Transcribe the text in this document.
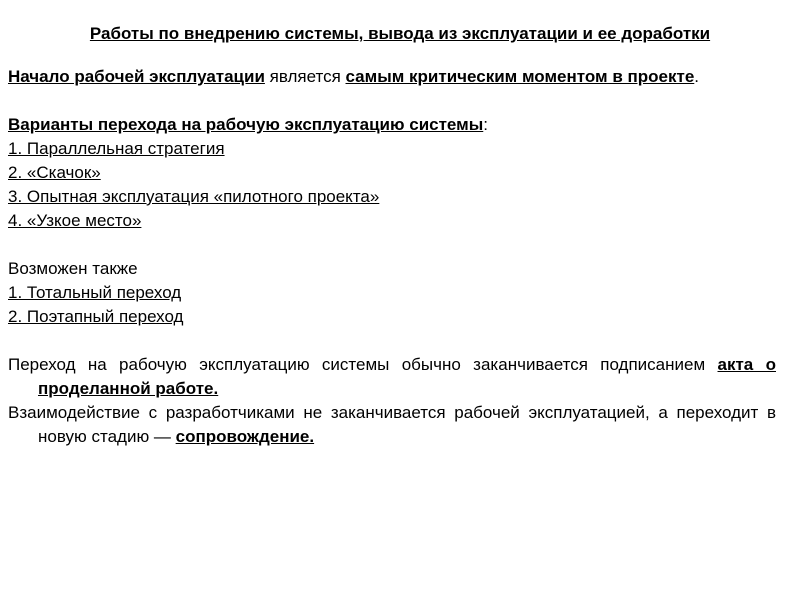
Работы по внедрению системы, вывода из эксплуатации и ее доработки

Начало рабочей эксплуатации является самым критическим моментом в проекте.

Варианты перехода на рабочую эксплуатацию системы:

1. Параллельная стратегия

2. «Скачок»

3. Опытная эксплуатация «пилотного проекта»

4. «Узкое место»

Возможен также

1. Тотальный переход

2. Поэтапный переход

Переход на рабочую эксплуатацию системы обычно заканчивается подписанием акта о проделанной работе.

Взаимодействие с разработчиками не заканчивается рабочей эксплуатацией, а переходит в новую стадию — сопровождение.
